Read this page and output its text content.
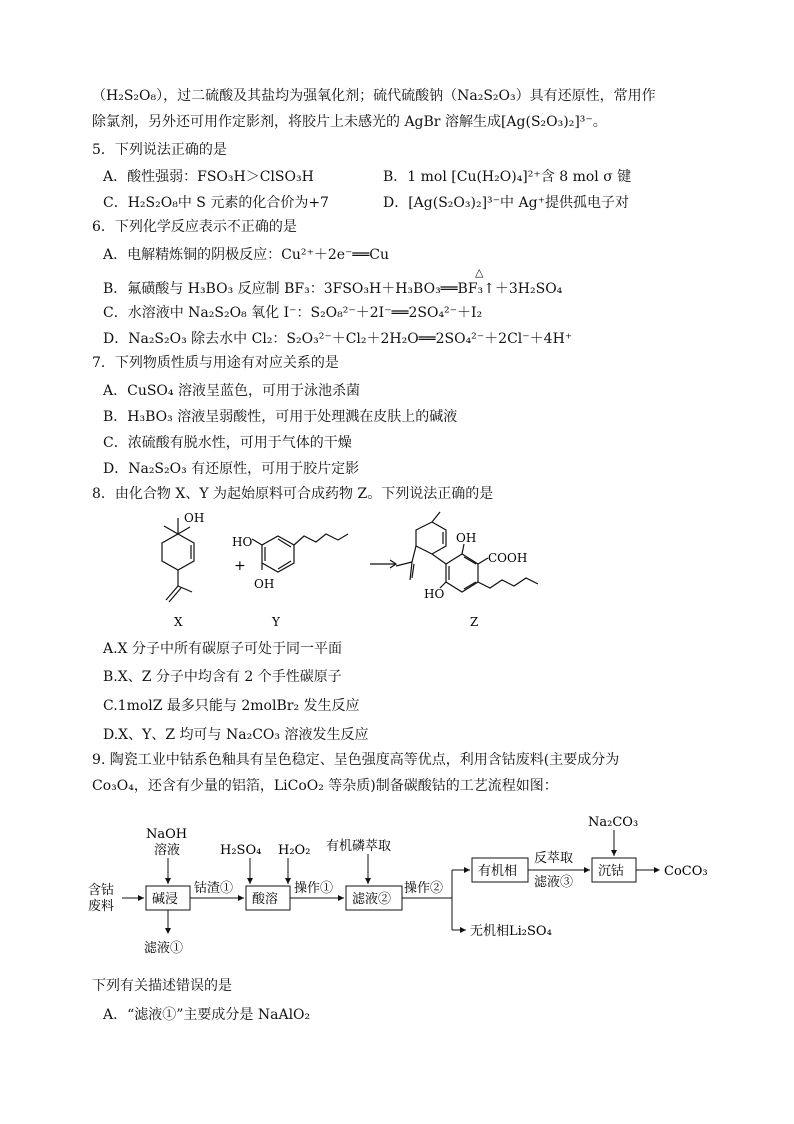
（H₂S₂O₈），过二硫酸及其盐均为强氧化剂；硫代硫酸钠（Na₂S₂O₃）具有还原性，常用作
除氯剂，另外还可用作定影剂，将胶片上未感光的 AgBr 溶解生成[Ag(S₂O₃)₂]³⁻。
5．下列说法正确的是
A．酸性强弱：FSO₃H＞ClSO₃H	B．1 mol [Cu(H₂O)₄]²⁺含 8 mol σ 键
C．H₂S₂O₈中 S 元素的化合价为+7	D．[Ag(S₂O₃)₂]³⁻中 Ag⁺提供孤电子对
6．下列化学反应表示不正确的是
A．电解精炼铜的阴极反应：Cu²⁺＋2e⁻══Cu
B．氟磺酸与 H₃BO₃ 反应制 BF₃：3FSO₃H＋H₃BO₃══BF₃↑＋3H₂SO₄
△
C．水溶液中 Na₂S₂O₈ 氧化 I⁻：S₂O₈²⁻＋2I⁻══2SO₄²⁻＋I₂
D．Na₂S₂O₃ 除去水中 Cl₂：S₂O₃²⁻＋Cl₂＋2H₂O══2SO₄²⁻＋2Cl⁻＋4H⁺
7．下列物质性质与用途有对应关系的是
A．CuSO₄ 溶液呈蓝色，可用于泳池杀菌
B．H₃BO₃ 溶液呈弱酸性，可用于处理溅在皮肤上的碱液
C．浓硫酸有脱水性，可用于气体的干燥
D．Na₂S₂O₃ 有还原性，可用于胶片定影
8．由化合物 X、Y 为起始原料可合成药物 Z。下列说法正确的是
OH
X
HO
OH
+
Y
OH
COOH
HO
Z
A.X 分子中所有碳原子可处于同一平面
B.X、Z 分子中均含有 2 个手性碳原子
C.1molZ 最多只能与 2molBr₂ 发生反应
D.X、Y、Z 均可与 Na₂CO₃ 溶液发生反应
9. 陶瓷工业中钴系色釉具有呈色稳定、呈色强度高等优点，利用含钴废料(主要成分为
Co₃O₄，还含有少量的铝箔，LiCoO₂ 等杂质)制备碳酸钴的工艺流程如图：
NaOH
溶液	H₂SO₄ H₂O₂ 有机磷萃取
Na₂CO₃
含钴
废料	碱浸
钴渣①
酸溶
操作①
滤液②
操作②
有机相
反萃取
滤液③
沉钴	CoCO₃
滤液①
无机相Li₂SO₄
下列有关描述错误的是
A．“滤液①”主要成分是 NaAlO₂
